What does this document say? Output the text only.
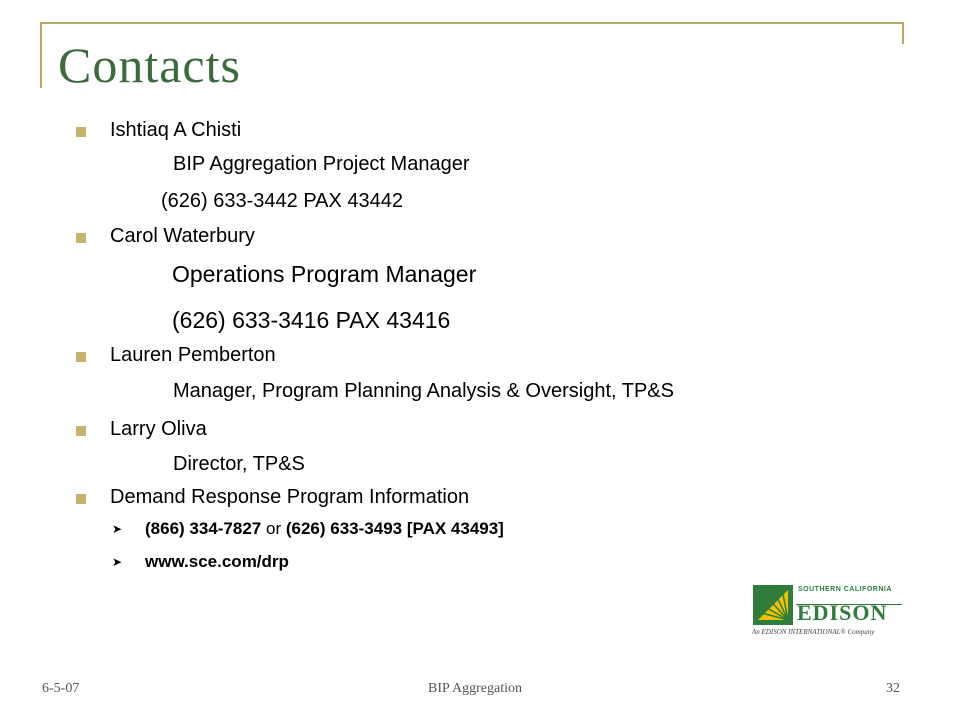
Contacts
Ishtiaq A Chisti
BIP Aggregation Project Manager
(626) 633-3442 PAX 43442
Carol Waterbury
Operations Program Manager
(626) 633-3416 PAX 43416
Lauren Pemberton
Manager, Program Planning Analysis & Oversight, TP&S
Larry Oliva
Director, TP&S
Demand Response Program Information
➤ (866) 334-7827 or (626) 633-3493 [PAX 43493]
➤ www.sce.com/drp
SOUTHERN CALIFORNIA
EDISON
An EDISON INTERNATIONAL® Company
6-5-07	BIP Aggregation	32
